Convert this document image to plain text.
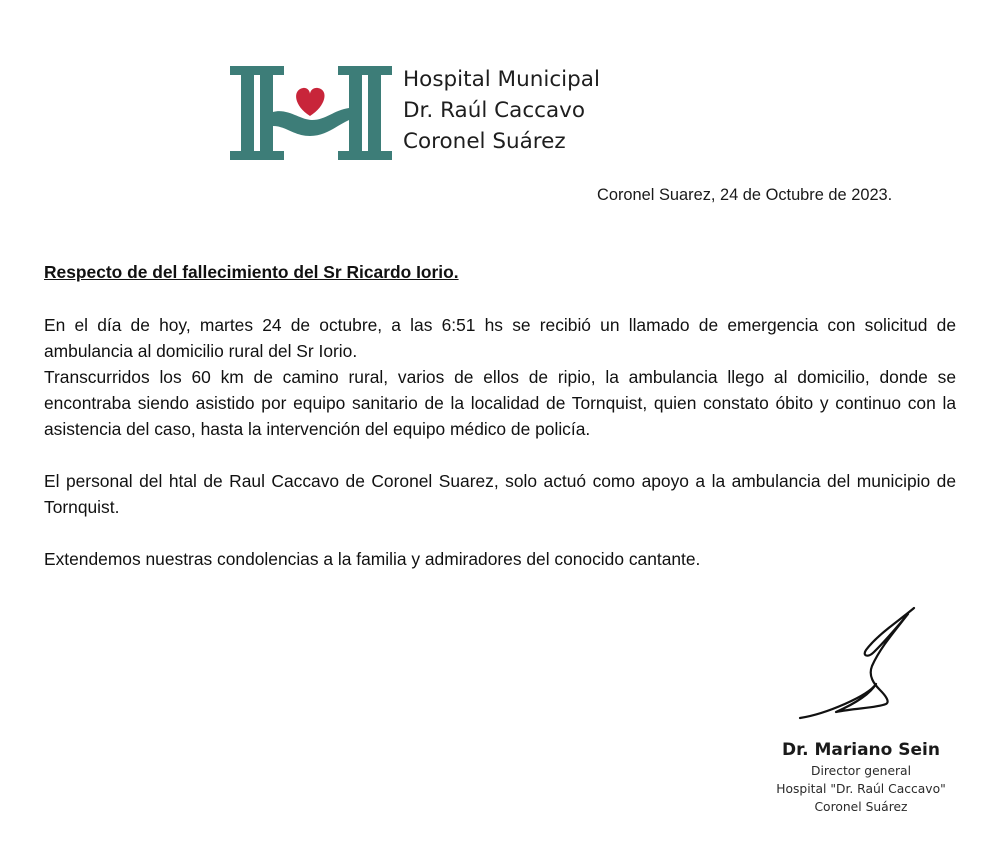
Hospital Municipal
Dr. Raúl Caccavo
Coronel Suárez
Coronel Suarez, 24 de Octubre de 2023.
Respecto de del fallecimiento del Sr Ricardo Iorio.

En el día de hoy, martes 24 de octubre, a las 6:51 hs se recibió un llamado de emergencia con solicitud de ambulancia al domicilio rural del Sr Iorio.

Transcurridos los 60 km de camino rural, varios de ellos de ripio, la ambulancia llego al domicilio, donde se encontraba siendo asistido por equipo sanitario de la localidad de Tornquist, quien constato óbito y continuo con la asistencia del caso, hasta la intervención del equipo médico de policía.

El personal del htal de Raul Caccavo de Coronel Suarez, solo actuó como apoyo a la ambulancia del municipio de Tornquist.

Extendemos nuestras condolencias a la familia y admiradores del conocido cantante.

Dr. Mariano Sein
Director general
Hospital "Dr. Raúl Caccavo"
Coronel Suárez
